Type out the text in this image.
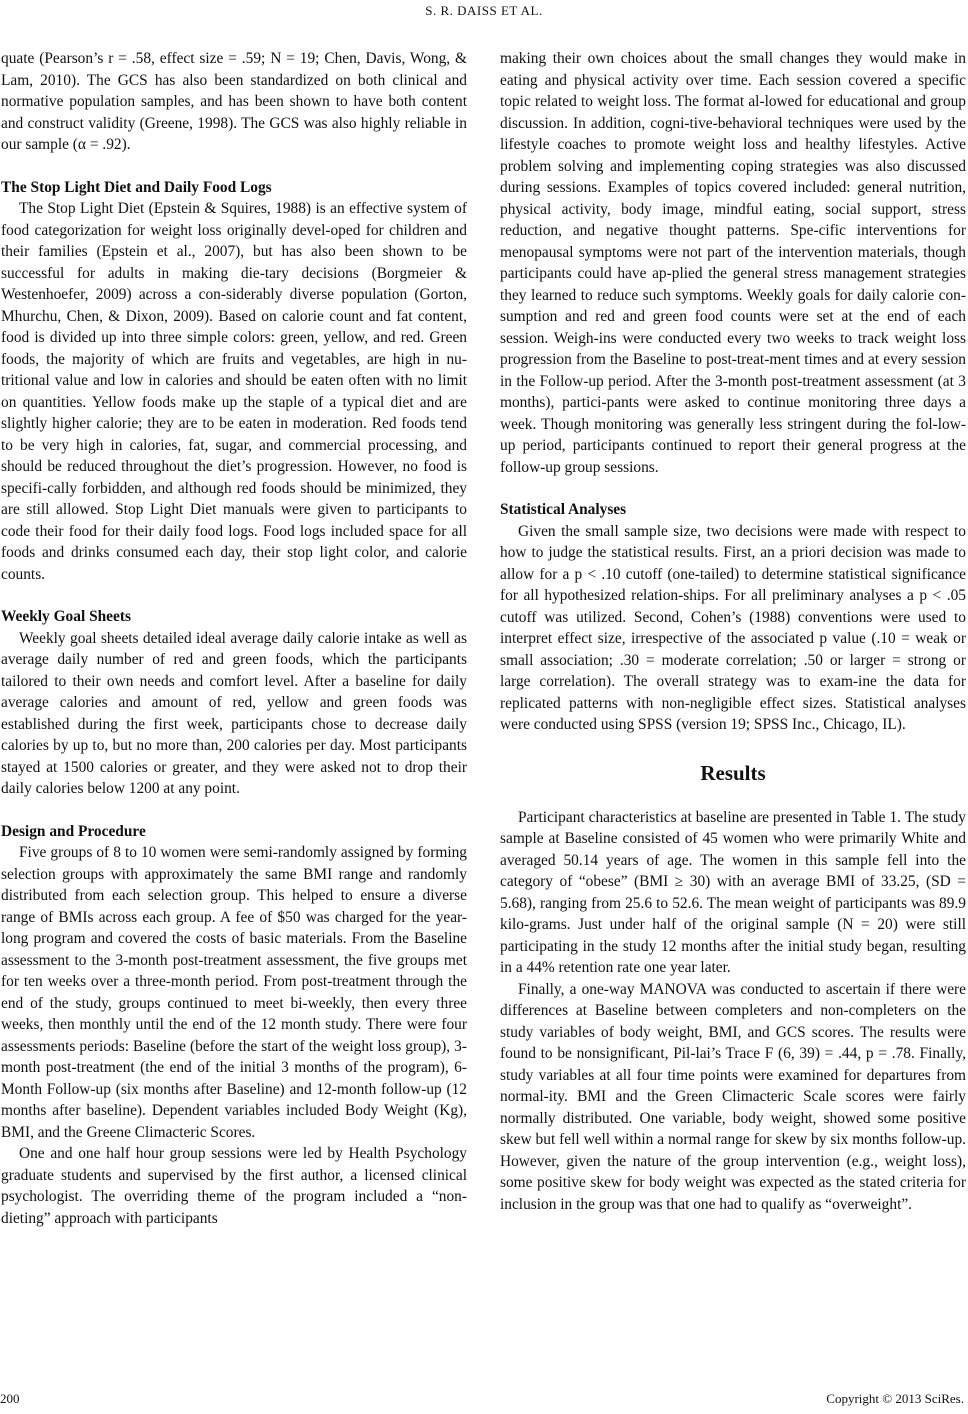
S. R. DAISS ET AL.

quate (Pearson’s r = .58, effect size = .59; N = 19; Chen, Davis, Wong, & Lam, 2010). The GCS has also been standardized on both clinical and normative population samples, and has been shown to have both content and construct validity (Greene, 1998). The GCS was also highly reliable in our sample (α = .92).

The Stop Light Diet and Daily Food Logs

The Stop Light Diet (Epstein & Squires, 1988) is an effective system of food categorization for weight loss originally devel-oped for children and their families (Epstein et al., 2007), but has also been shown to be successful for adults in making die-tary decisions (Borgmeier & Westenhoefer, 2009) across a con-siderably diverse population (Gorton, Mhurchu, Chen, & Dixon, 2009). Based on calorie count and fat content, food is divided up into three simple colors: green, yellow, and red. Green foods, the majority of which are fruits and vegetables, are high in nu-tritional value and low in calories and should be eaten often with no limit on quantities. Yellow foods make up the staple of a typical diet and are slightly higher calorie; they are to be eaten in moderation. Red foods tend to be very high in calories, fat, sugar, and commercial processing, and should be reduced throughout the diet’s progression. However, no food is specifi-cally forbidden, and although red foods should be minimized, they are still allowed. Stop Light Diet manuals were given to participants to code their food for their daily food logs. Food logs included space for all foods and drinks consumed each day, their stop light color, and calorie counts.

Weekly Goal Sheets

Weekly goal sheets detailed ideal average daily calorie intake as well as average daily number of red and green foods, which the participants tailored to their own needs and comfort level. After a baseline for daily average calories and amount of red, yellow and green foods was established during the first week, participants chose to decrease daily calories by up to, but no more than, 200 calories per day. Most participants stayed at 1500 calories or greater, and they were asked not to drop their daily calories below 1200 at any point.

Design and Procedure

Five groups of 8 to 10 women were semi-randomly assigned by forming selection groups with approximately the same BMI range and randomly distributed from each selection group. This helped to ensure a diverse range of BMIs across each group. A fee of $50 was charged for the year-long program and covered the costs of basic materials. From the Baseline assessment to the 3-month post-treatment assessment, the five groups met for ten weeks over a three-month period. From post-treatment through the end of the study, groups continued to meet bi-weekly, then every three weeks, then monthly until the end of the 12 month study. There were four assessments periods: Baseline (before the start of the weight loss group), 3-month post-treatment (the end of the initial 3 months of the program), 6-Month Follow-up (six months after Baseline) and 12-month follow-up (12 months after baseline). Dependent variables included Body Weight (Kg), BMI, and the Greene Climacteric Scores.

One and one half hour group sessions were led by Health Psychology graduate students and supervised by the first author, a licensed clinical psychologist. The overriding theme of the program included a “non-dieting” approach with participants

making their own choices about the small changes they would make in eating and physical activity over time. Each session covered a specific topic related to weight loss. The format al-lowed for educational and group discussion. In addition, cogni-tive-behavioral techniques were used by the lifestyle coaches to promote weight loss and healthy lifestyles. Active problem solving and implementing coping strategies was also discussed during sessions. Examples of topics covered included: general nutrition, physical activity, body image, mindful eating, social support, stress reduction, and negative thought patterns. Spe-cific interventions for menopausal symptoms were not part of the intervention materials, though participants could have ap-plied the general stress management strategies they learned to reduce such symptoms. Weekly goals for daily calorie con-sumption and red and green food counts were set at the end of each session. Weigh-ins were conducted every two weeks to track weight loss progression from the Baseline to post-treat-ment times and at every session in the Follow-up period. After the 3-month post-treatment assessment (at 3 months), partici-pants were asked to continue monitoring three days a week. Though monitoring was generally less stringent during the fol-low-up period, participants continued to report their general progress at the follow-up group sessions.

Statistical Analyses

Given the small sample size, two decisions were made with respect to how to judge the statistical results. First, an a priori decision was made to allow for a p < .10 cutoff (one-tailed) to determine statistical significance for all hypothesized relation-ships. For all preliminary analyses a p < .05 cutoff was utilized. Second, Cohen’s (1988) conventions were used to interpret effect size, irrespective of the associated p value (.10 = weak or small association; .30 = moderate correlation; .50 or larger = strong or large correlation). The overall strategy was to exam-ine the data for replicated patterns with non-negligible effect sizes. Statistical analyses were conducted using SPSS (version 19; SPSS Inc., Chicago, IL).

Results

Participant characteristics at baseline are presented in Table 1. The study sample at Baseline consisted of 45 women who were primarily White and averaged 50.14 years of age. The women in this sample fell into the category of “obese” (BMI ≥ 30) with an average BMI of 33.25, (SD = 5.68), ranging from 25.6 to 52.6. The mean weight of participants was 89.9 kilo-grams. Just under half of the original sample (N = 20) were still participating in the study 12 months after the initial study began, resulting in a 44% retention rate one year later.

Finally, a one-way MANOVA was conducted to ascertain if there were differences at Baseline between completers and non-completers on the study variables of body weight, BMI, and GCS scores. The results were found to be nonsignificant, Pil-lai’s Trace F (6, 39) = .44, p = .78. Finally, study variables at all four time points were examined for departures from normal-ity. BMI and the Green Climacteric Scale scores were fairly normally distributed. One variable, body weight, showed some positive skew but fell well within a normal range for skew by six months follow-up. However, given the nature of the group intervention (e.g., weight loss), some positive skew for body weight was expected as the stated criteria for inclusion in the group was that one had to qualify as “overweight”.

200	Copyright © 2013 SciRes.
